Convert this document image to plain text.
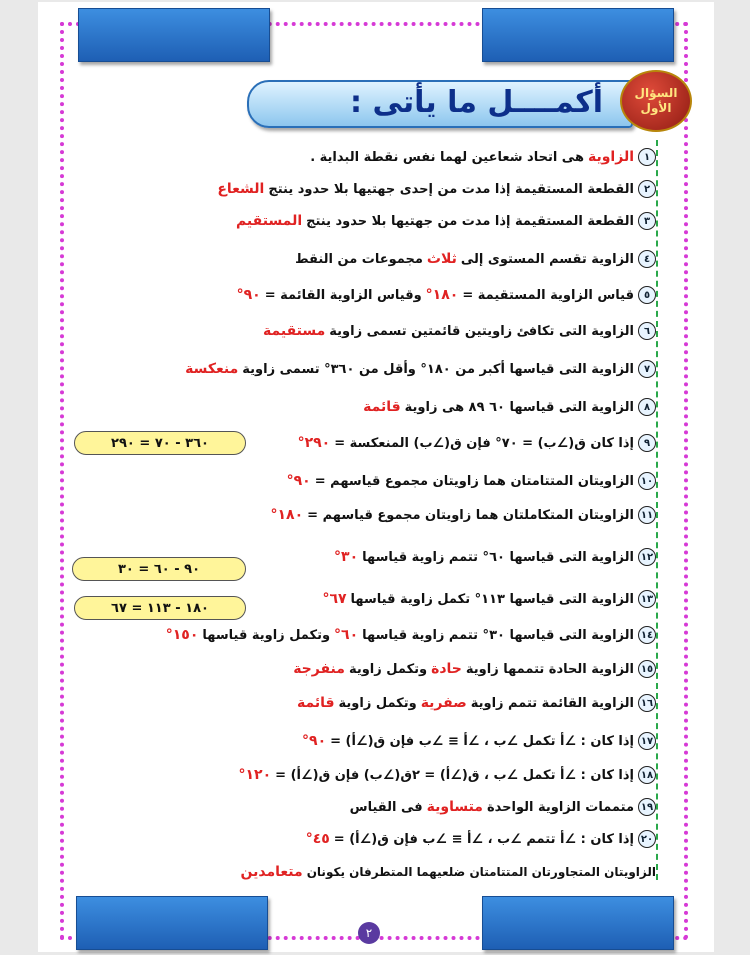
أكمــــل ما يأتى :	السؤال
الأول
١
الزاوية
هى اتحاد شعاعين لهما نفس نقطة البداية .
٢
القطعة المستقيمة إذا مدت من إحدى جهتيها بلا حدود ينتج
الشعاع
٣
القطعة المستقيمة إذا مدت من جهتيها بلا حدود ينتج
المستقيم
٤
الزاوية تقسم المستوى إلى
ثلاث
مجموعات من النقط
٥
قياس الزاوية المستقيمة =
١٨٠°
وقياس الزاوية القائمة =
٩٠°
٦
الزاوية التى تكافئ زاويتين قائمتين تسمى زاوية
مستقيمة
٧
الزاوية التى قياسها أكبر من ١٨٠° وأقل من ٣٦٠° تسمى زاوية
منعكسة
٨
الزاوية التى قياسها ٦٠ ٨٩ هى زاوية
قائمة
٩
إذا كان ق(∠ب) = ٧٠° فإن ق(∠ب) المنعكسة =
٢٩٠°
١٠
الزاويتان المتتامتان هما زاويتان مجموع قياسهم =
٩٠°
١١
الزاويتان المتكاملتان هما زاويتان مجموع قياسهم =
١٨٠°
١٢
الزاوية التى قياسها ٦٠° تتمم زاوية قياسها
٣٠°
١٣
الزاوية التى قياسها ١١٣° تكمل زاوية قياسها
٦٧°
١٤
الزاوية التى قياسها ٣٠° تتمم زاوية قياسها
٦٠°
وتكمل زاوية قياسها
١٥٠°
١٥
الزاوية الحادة تتممها زاوية
حادة
وتكمل زاوية
منفرجة
١٦
الزاوية القائمة تتمم زاوية
صفرية
وتكمل زاوية
قائمة
١٧
إذا كان : ∠أ تكمل ∠ب ، ∠أ ≡ ∠ب فإن ق(∠أ) =
٩٠°
١٨
إذا كان : ∠أ تكمل ∠ب ، ق(∠أ) = ٢ق(∠ب) فإن ق(∠أ) =
١٢٠°
١٩
متممات الزاوية الواحدة
متساوية
فى القياس
٢٠
إذا كان : ∠أ تتمم ∠ب ، ∠أ ≡ ∠ب فإن ق(∠أ) =
٤٥°
الزاويتان المتجاورتان المتتامتان ضلعيهما المتطرفان يكونان
متعامدين
٣٦٠ - ٧٠ = ٢٩٠
٩٠ - ٦٠ = ٣٠
١٨٠ - ١١٣ = ٦٧
٢
